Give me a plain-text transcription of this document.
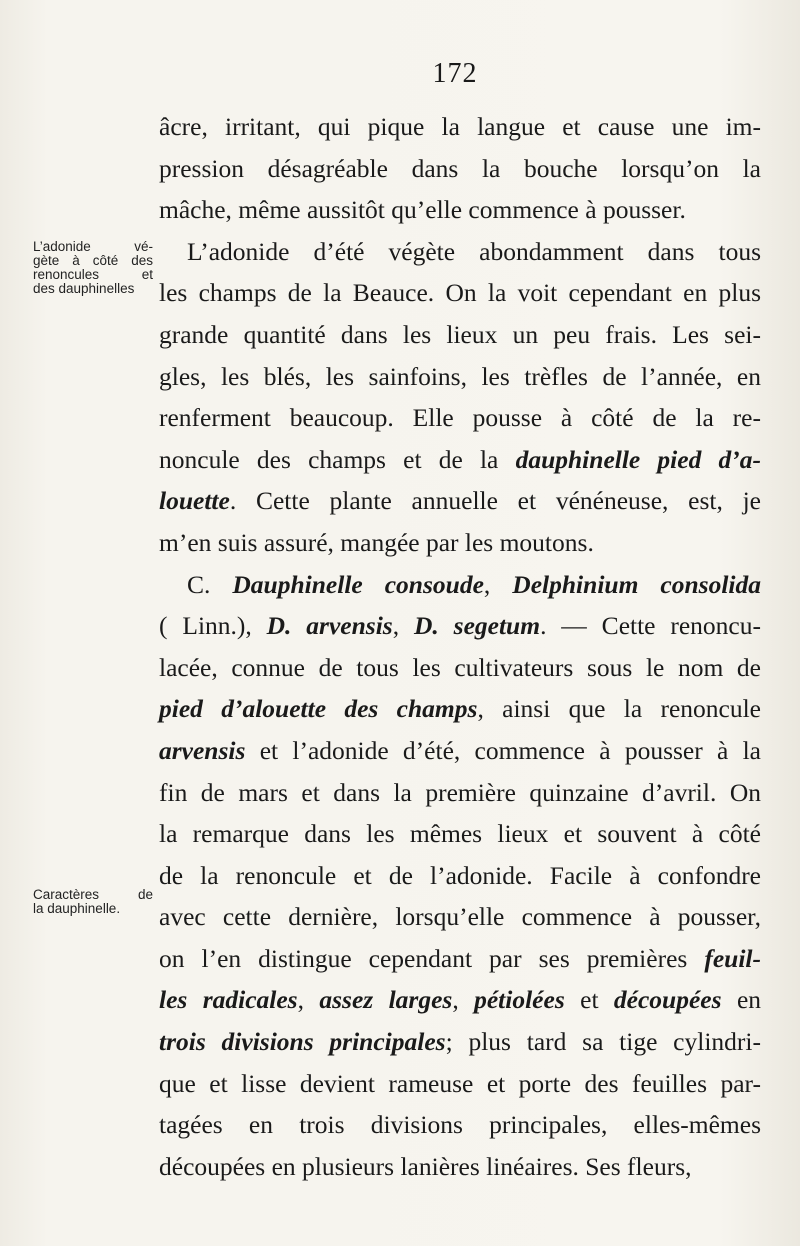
172
L’adonide vé-
gète à côté des
renoncules et
des dauphinelles
Caractères de
la dauphinelle.
âcre, irritant, qui pique la langue et cause une im-
pression désagréable dans la bouche lorsqu’on la
mâche, même aussitôt qu’elle commence à pousser.
L’adonide d’été végète abondamment dans tous
les champs de la Beauce. On la voit cependant en plus
grande quantité dans les lieux un peu frais. Les sei-
gles, les blés, les sainfoins, les trèfles de l’année, en
renferment beaucoup. Elle pousse à côté de la re-
noncule des champs et de la dauphinelle pied d’a-
louette. Cette plante annuelle et vénéneuse, est, je
m’en suis assuré, mangée par les moutons.
C. Dauphinelle consoude, Delphinium consolida
( Linn.), D. arvensis, D. segetum. — Cette renoncu-
lacée, connue de tous les cultivateurs sous le nom de
pied d’alouette des champs, ainsi que la renoncule
arvensis et l’adonide d’été, commence à pousser à la
fin de mars et dans la première quinzaine d’avril. On
la remarque dans les mêmes lieux et souvent à côté
de la renoncule et de l’adonide. Facile à confondre
avec cette dernière, lorsqu’elle commence à pousser,
on l’en distingue cependant par ses premières feuil-
les radicales, assez larges, pétiolées et découpées en
trois divisions principales; plus tard sa tige cylindri-
que et lisse devient rameuse et porte des feuilles par-
tagées en trois divisions principales, elles-mêmes
découpées en plusieurs lanières linéaires. Ses fleurs,
